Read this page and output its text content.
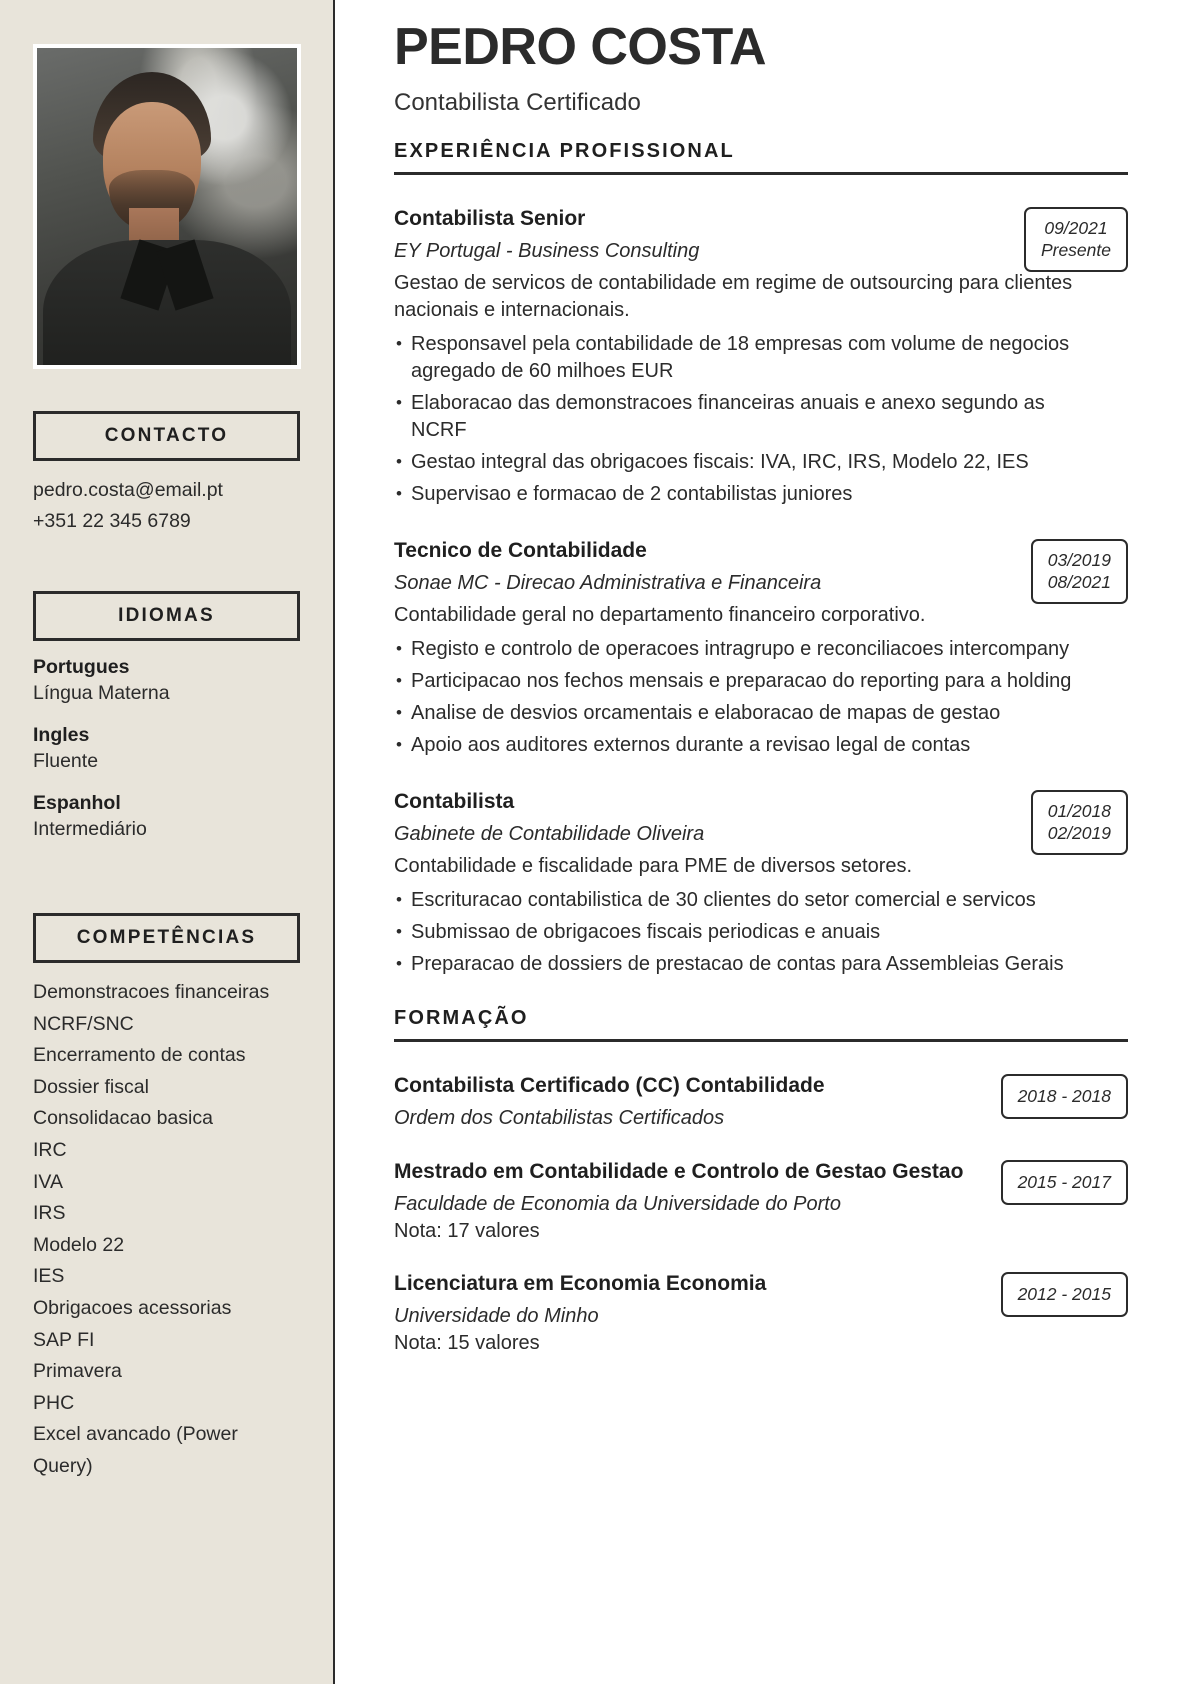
CONTACTO
pedro.costa@email.pt
+351 22 345 6789
IDIOMAS
Portugues
Língua Materna
Ingles
Fluente
Espanhol
Intermediário
COMPETÊNCIAS
Demonstracoes financeiras
NCRF/SNC
Encerramento de contas
Dossier fiscal
Consolidacao basica
IRC
IVA
IRS
Modelo 22
IES
Obrigacoes acessorias
SAP FI
Primavera
PHC
Excel avancado (Power Query)
PEDRO COSTA
Contabilista Certificado
EXPERIÊNCIA PROFISSIONAL
09/2021
Presente
Contabilista Senior
EY Portugal - Business Consulting
Gestao de servicos de contabilidade em regime de outsourcing para clientes nacionais e internacionais.
• Responsavel pela contabilidade de 18 empresas com volume de negocios agregado de 60 milhoes EUR
• Elaboracao das demonstracoes financeiras anuais e anexo segundo as NCRF
• Gestao integral das obrigacoes fiscais: IVA, IRC, IRS, Modelo 22, IES
• Supervisao e formacao de 2 contabilistas juniores
03/2019
08/2021
Tecnico de Contabilidade
Sonae MC - Direcao Administrativa e Financeira
Contabilidade geral no departamento financeiro corporativo.
• Registo e controlo de operacoes intragrupo e reconciliacoes intercompany
• Participacao nos fechos mensais e preparacao do reporting para a holding
• Analise de desvios orcamentais e elaboracao de mapas de gestao
• Apoio aos auditores externos durante a revisao legal de contas
01/2018
02/2019
Contabilista
Gabinete de Contabilidade Oliveira
Contabilidade e fiscalidade para PME de diversos setores.
• Escrituracao contabilistica de 30 clientes do setor comercial e servicos
• Submissao de obrigacoes fiscais periodicas e anuais
• Preparacao de dossiers de prestacao de contas para Assembleias Gerais
FORMAÇÃO
2018 - 2018
Contabilista Certificado (CC) Contabilidade
Ordem dos Contabilistas Certificados
2015 - 2017
Mestrado em Contabilidade e Controlo de Gestao Gestao
Faculdade de Economia da Universidade do Porto
Nota: 17 valores
2012 - 2015
Licenciatura em Economia Economia
Universidade do Minho
Nota: 15 valores
